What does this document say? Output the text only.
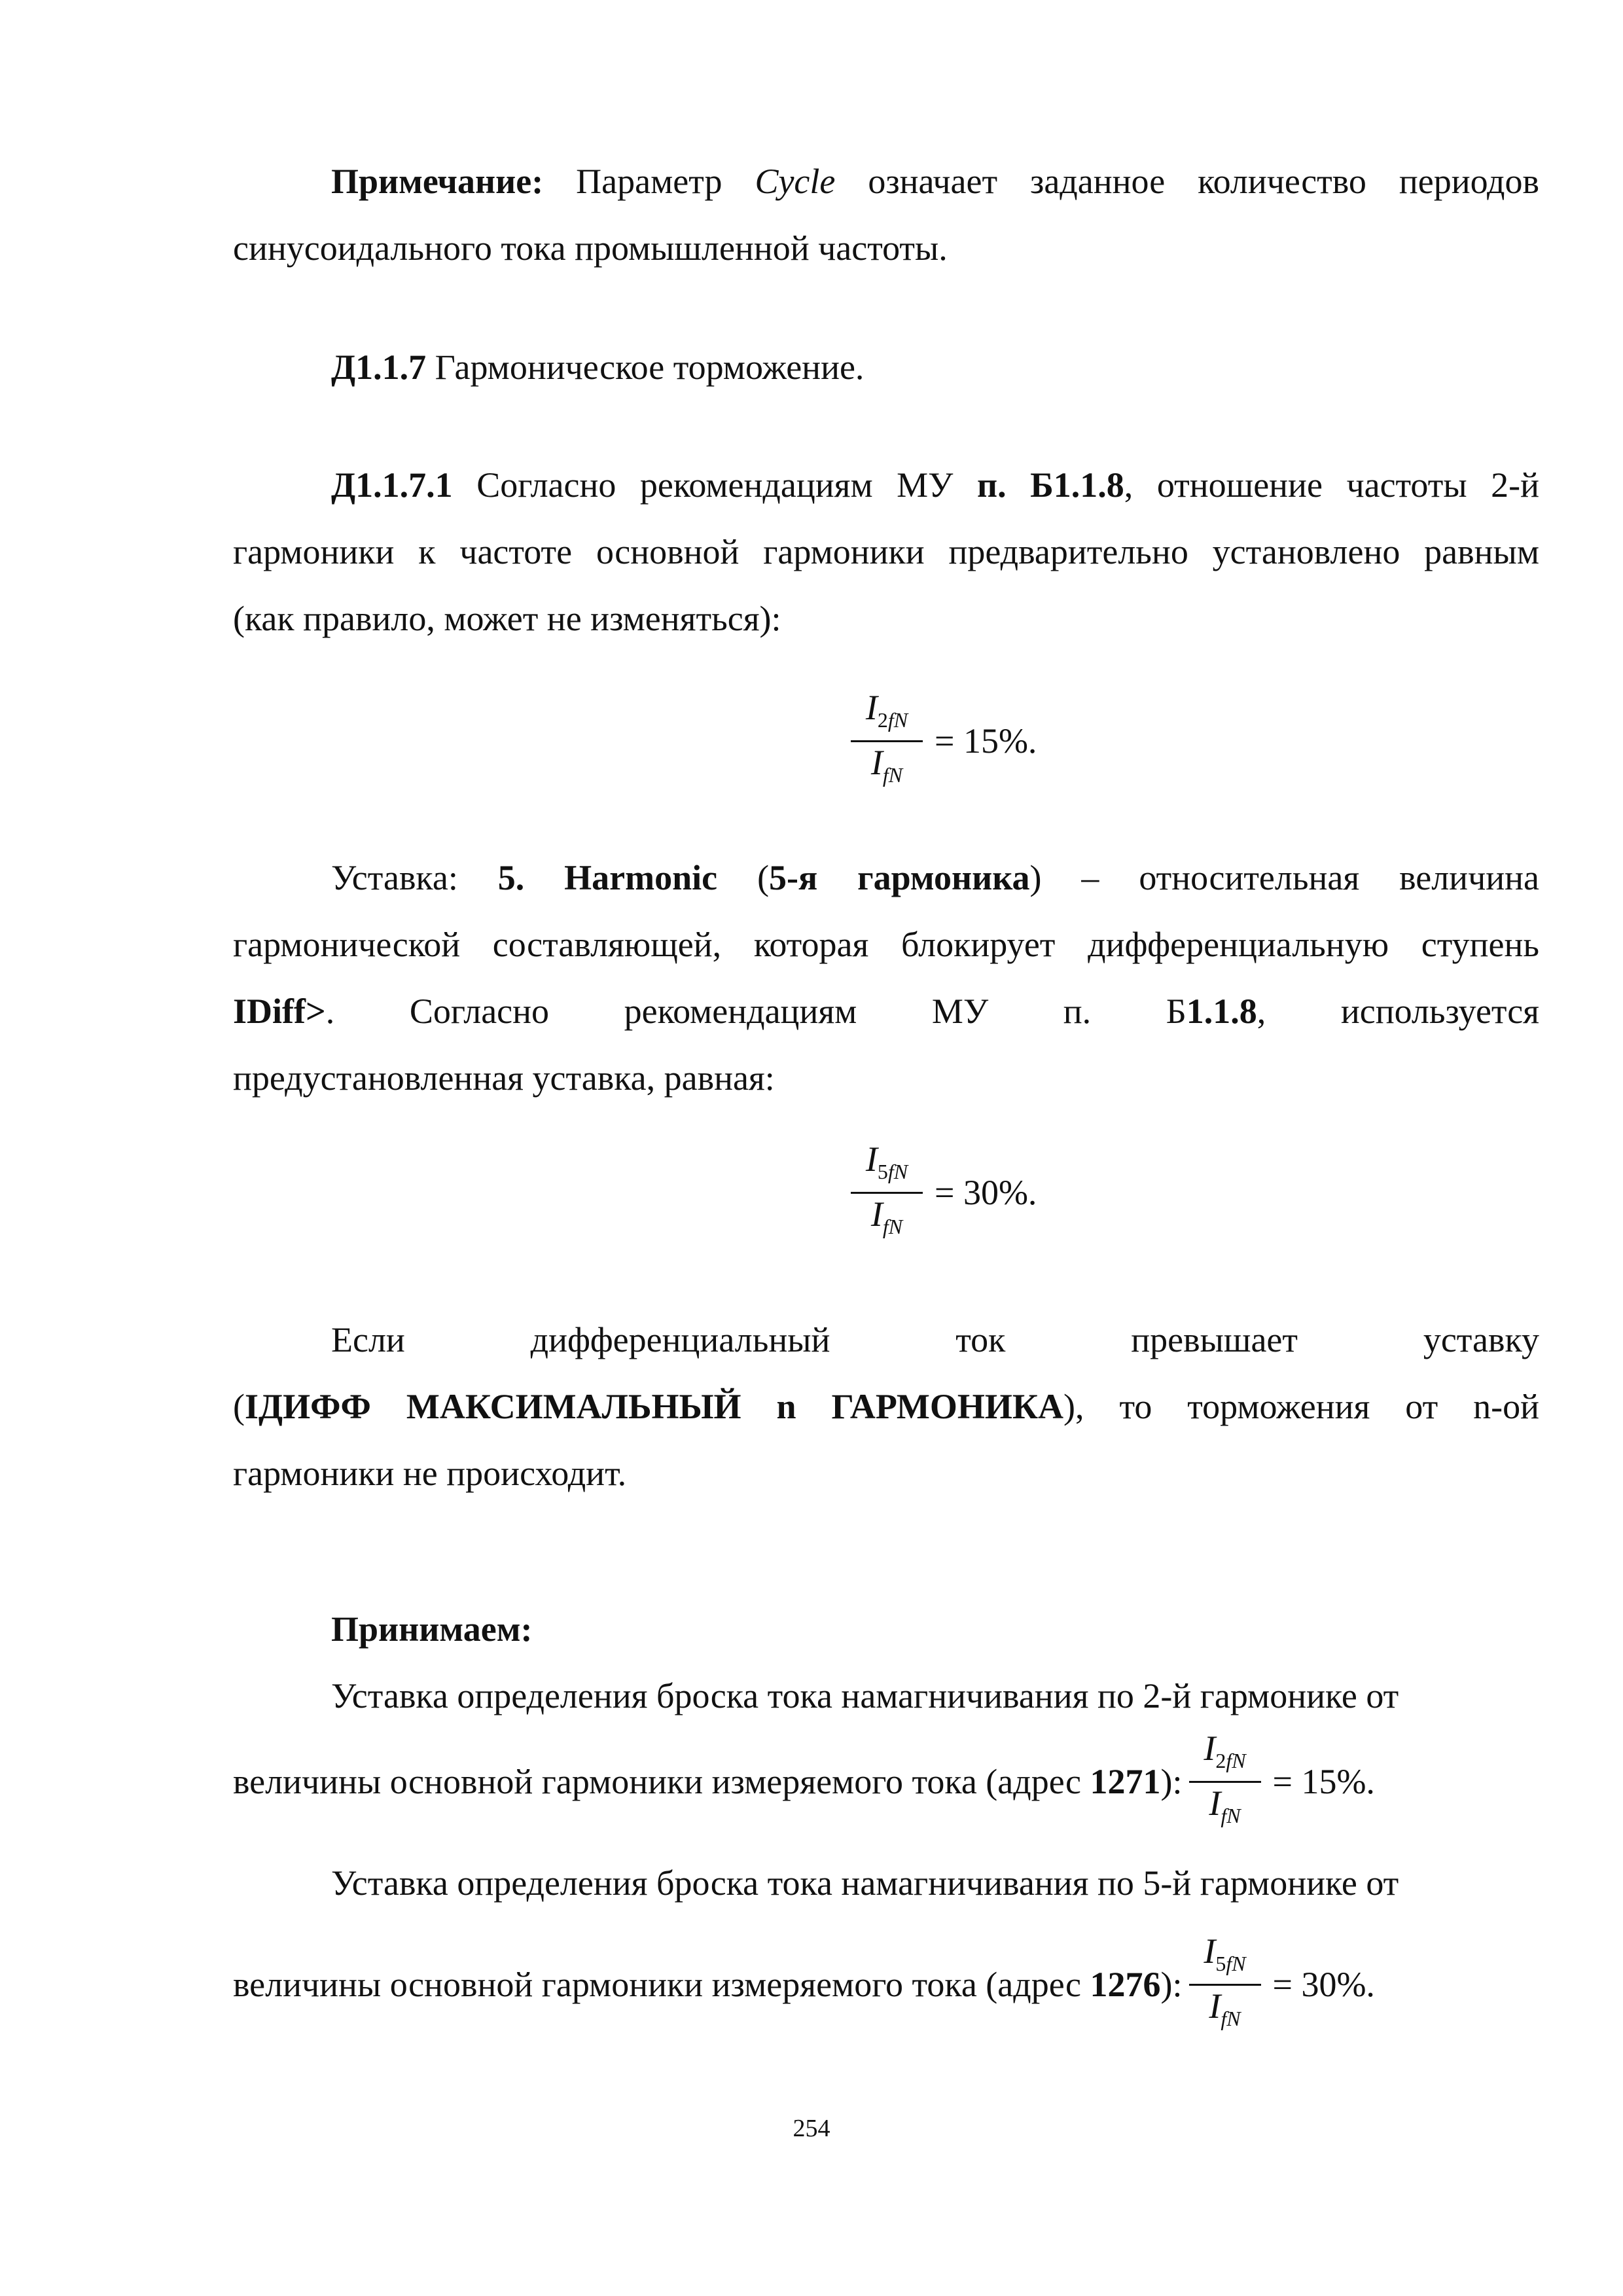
Примечание: Параметр Cycle означает заданное количество периодов
синусоидального тока промышленной частоты.

Д1.1.7 Гармоническое торможение.

Д1.1.7.1 Согласно рекомендациям МУ п. Б1.1.8, отношение частоты 2-й
гармоники к частоте основной гармоники предварительно установлено равным
(как правило, может не изменяться):

$\frac{I_{2fN}}{I_{fN}} = 15\%$.

Уставка: 5. Harmonic (5-я гармоника) – относительная величина
гармонической составляющей, которая блокирует дифференциальную ступень
IDiff>. Согласно рекомендациям МУ п. Б1.1.8, используется
предустановленная уставка, равная:

$\frac{I_{5fN}}{I_{fN}} = 30\%$.

Если дифференциальный ток превышает уставку
(ІДИФФ МАКСИМАЛЬНЫЙ n ГАРМОНИКА), то торможения от n-ой
гармоники не происходит.

Принимаем:
Уставка определения броска тока намагничивания по 2-й гармонике от

величины основной гармоники измеряемого тока (адрес
1271 ): $\frac{I_{2fN}}{I_{fN}} = 15\%$.

Уставка определения броска тока намагничивания по 5-й гармонике от

величины основной гармоники измеряемого тока (адрес
1276 ): $\frac{I_{5fN}}{I_{fN}} = 30\%$.
254
